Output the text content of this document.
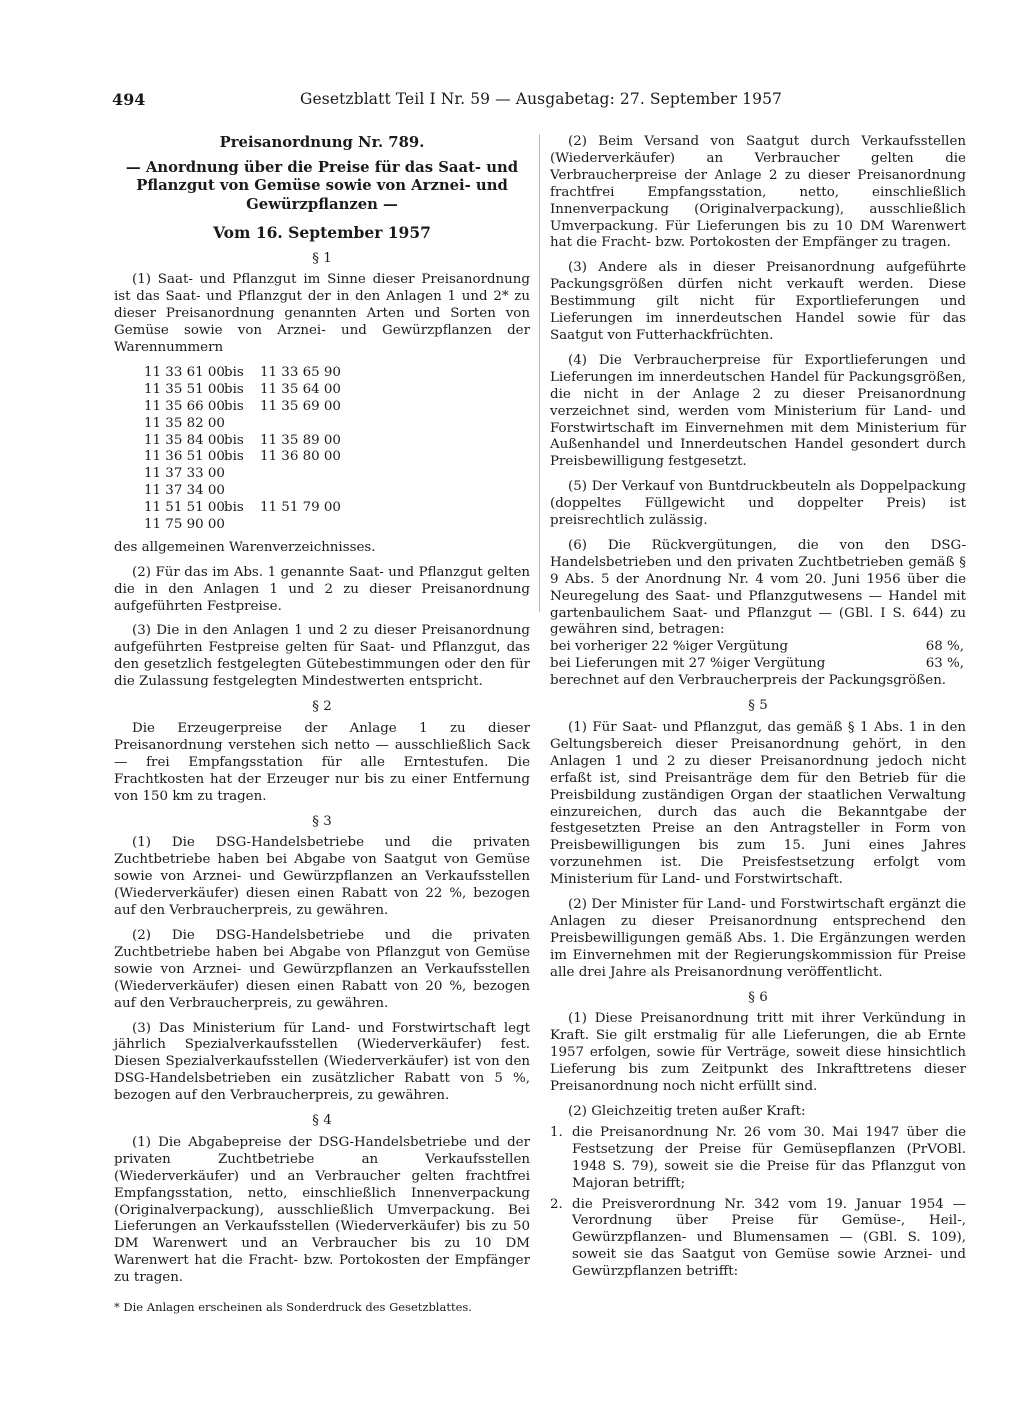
494	Gesetzblatt Teil I Nr. 59 — Ausgabetag: 27. September 1957
Preisanordnung Nr. 789.
— Anordnung über die Preise für das Saat- und Pflanzgut von Gemüse sowie von Arznei- und Gewürzpflanzen —
Vom 16. September 1957
§ 1

(1) Saat- und Pflanzgut im Sinne dieser Preisanordnung ist das Saat- und Pflanzgut der in den Anlagen 1 und 2* zu dieser Preisanordnung genannten Arten und Sorten von Gemüse sowie von Arznei- und Gewürzpflanzen der Warennummern

11 33 61 00bis 11 33 65 90
11 35 51 00bis 11 35 64 00
11 35 66 00bis 11 35 69 00
11 35 82 00
11 35 84 00bis 11 35 89 00
11 36 51 00bis 11 36 80 00
11 37 33 00
11 37 34 00
11 51 51 00bis 11 51 79 00
11 75 90 00

des allgemeinen Warenverzeichnisses.

(2) Für das im Abs. 1 genannte Saat- und Pflanzgut gelten die in den Anlagen 1 und 2 zu dieser Preisanordnung aufgeführten Festpreise.

(3) Die in den Anlagen 1 und 2 zu dieser Preisanordnung aufgeführten Festpreise gelten für Saat- und Pflanzgut, das den gesetzlich festgelegten Gütebestimmungen oder den für die Zulassung festgelegten Mindestwerten entspricht.

§ 2

Die Erzeugerpreise der Anlage 1 zu dieser Preisanordnung verstehen sich netto — ausschließlich Sack — frei Empfangsstation für alle Erntestufen. Die Frachtkosten hat der Erzeuger nur bis zu einer Entfernung von 150 km zu tragen.

§ 3

(1) Die DSG-Handelsbetriebe und die privaten Zuchtbetriebe haben bei Abgabe von Saatgut von Gemüse sowie von Arznei- und Gewürzpflanzen an Verkaufsstellen (Wiederverkäufer) diesen einen Rabatt von 22 %, bezogen auf den Verbraucherpreis, zu gewähren.

(2) Die DSG-Handelsbetriebe und die privaten Zuchtbetriebe haben bei Abgabe von Pflanzgut von Gemüse sowie von Arznei- und Gewürzpflanzen an Verkaufsstellen (Wiederverkäufer) diesen einen Rabatt von 20 %, bezogen auf den Verbraucherpreis, zu gewähren.

(3) Das Ministerium für Land- und Forstwirtschaft legt jährlich Spezialverkaufsstellen (Wiederverkäufer) fest. Diesen Spezialverkaufsstellen (Wiederverkäufer) ist von den DSG-Handelsbetrieben ein zusätzlicher Rabatt von 5 %, bezogen auf den Verbraucherpreis, zu gewähren.

§ 4

(1) Die Abgabepreise der DSG-Handelsbetriebe und der privaten Zuchtbetriebe an Verkaufsstellen (Wiederverkäufer) und an Verbraucher gelten frachtfrei Empfangsstation, netto, einschließlich Innenverpackung (Originalverpackung), ausschließlich Umverpackung. Bei Lieferungen an Verkaufsstellen (Wiederverkäufer) bis zu 50 DM Warenwert und an Verbraucher bis zu 10 DM Warenwert hat die Fracht- bzw. Portokosten der Empfänger zu tragen.

* Die Anlagen erscheinen als Sonderdruck des Gesetzblattes.

(2) Beim Versand von Saatgut durch Verkaufsstellen (Wiederverkäufer) an Verbraucher gelten die Verbraucherpreise der Anlage 2 zu dieser Preisanordnung frachtfrei Empfangsstation, netto, einschließlich Innenverpackung (Originalverpackung), ausschließlich Umverpackung. Für Lieferungen bis zu 10 DM Warenwert hat die Fracht- bzw. Portokosten der Empfänger zu tragen.

(3) Andere als in dieser Preisanordnung aufgeführte Packungsgrößen dürfen nicht verkauft werden. Diese Bestimmung gilt nicht für Exportlieferungen und Lieferungen im innerdeutschen Handel sowie für das Saatgut von Futterhackfrüchten.

(4) Die Verbraucherpreise für Exportlieferungen und Lieferungen im innerdeutschen Handel für Packungsgrößen, die nicht in der Anlage 2 zu dieser Preisanordnung verzeichnet sind, werden vom Ministerium für Land- und Forstwirtschaft im Einvernehmen mit dem Ministerium für Außenhandel und Innerdeutschen Handel gesondert durch Preisbewilligung festgesetzt.

(5) Der Verkauf von Buntdruckbeuteln als Doppelpackung (doppeltes Füllgewicht und doppelter Preis) ist preisrechtlich zulässig.

(6) Die Rückvergütungen, die von den DSG-Handelsbetrieben und den privaten Zuchtbetrieben gemäß § 9 Abs. 5 der Anordnung Nr. 4 vom 20. Juni 1956 über die Neuregelung des Saat- und Pflanzgutwesens — Handel mit gartenbaulichem Saat- und Pflanzgut — (GBl. I S. 644) zu gewähren sind, betragen:

bei vorheriger 22 %iger Vergütung	68 %,
bei Lieferungen mit 27 %iger Vergütung	63 %,

berechnet auf den Verbraucherpreis der Packungsgrößen.

§ 5

(1) Für Saat- und Pflanzgut, das gemäß § 1 Abs. 1 in den Geltungsbereich dieser Preisanordnung gehört, in den Anlagen 1 und 2 zu dieser Preisanordnung jedoch nicht erfaßt ist, sind Preisanträge dem für den Betrieb für die Preisbildung zuständigen Organ der staatlichen Verwaltung einzureichen, durch das auch die Bekanntgabe der festgesetzten Preise an den Antragsteller in Form von Preisbewilligungen bis zum 15. Juni eines Jahres vorzunehmen ist. Die Preisfestsetzung erfolgt vom Ministerium für Land- und Forstwirtschaft.

(2) Der Minister für Land- und Forstwirtschaft ergänzt die Anlagen zu dieser Preisanordnung entsprechend den Preisbewilligungen gemäß Abs. 1. Die Ergänzungen werden im Einvernehmen mit der Regierungskommission für Preise alle drei Jahre als Preisanordnung veröffentlicht.

§ 6

(1) Diese Preisanordnung tritt mit ihrer Verkündung in Kraft. Sie gilt erstmalig für alle Lieferungen, die ab Ernte 1957 erfolgen, sowie für Verträge, soweit diese hinsichtlich Lieferung bis zum Zeitpunkt des Inkrafttretens dieser Preisanordnung noch nicht erfüllt sind.

(2) Gleichzeitig treten außer Kraft:

1. die Preisanordnung Nr. 26 vom 30. Mai 1947 über die Festsetzung der Preise für Gemüsepflanzen (PrVOBl. 1948 S. 79), soweit sie die Preise für das Pflanzgut von Majoran betrifft;
2. die Preisverordnung Nr. 342 vom 19. Januar 1954 — Verordnung über Preise für Gemüse-, Heil-, Gewürzpflanzen- und Blumensamen — (GBl. S. 109), soweit sie das Saatgut von Gemüse sowie Arznei- und Gewürzpflanzen betrifft:
